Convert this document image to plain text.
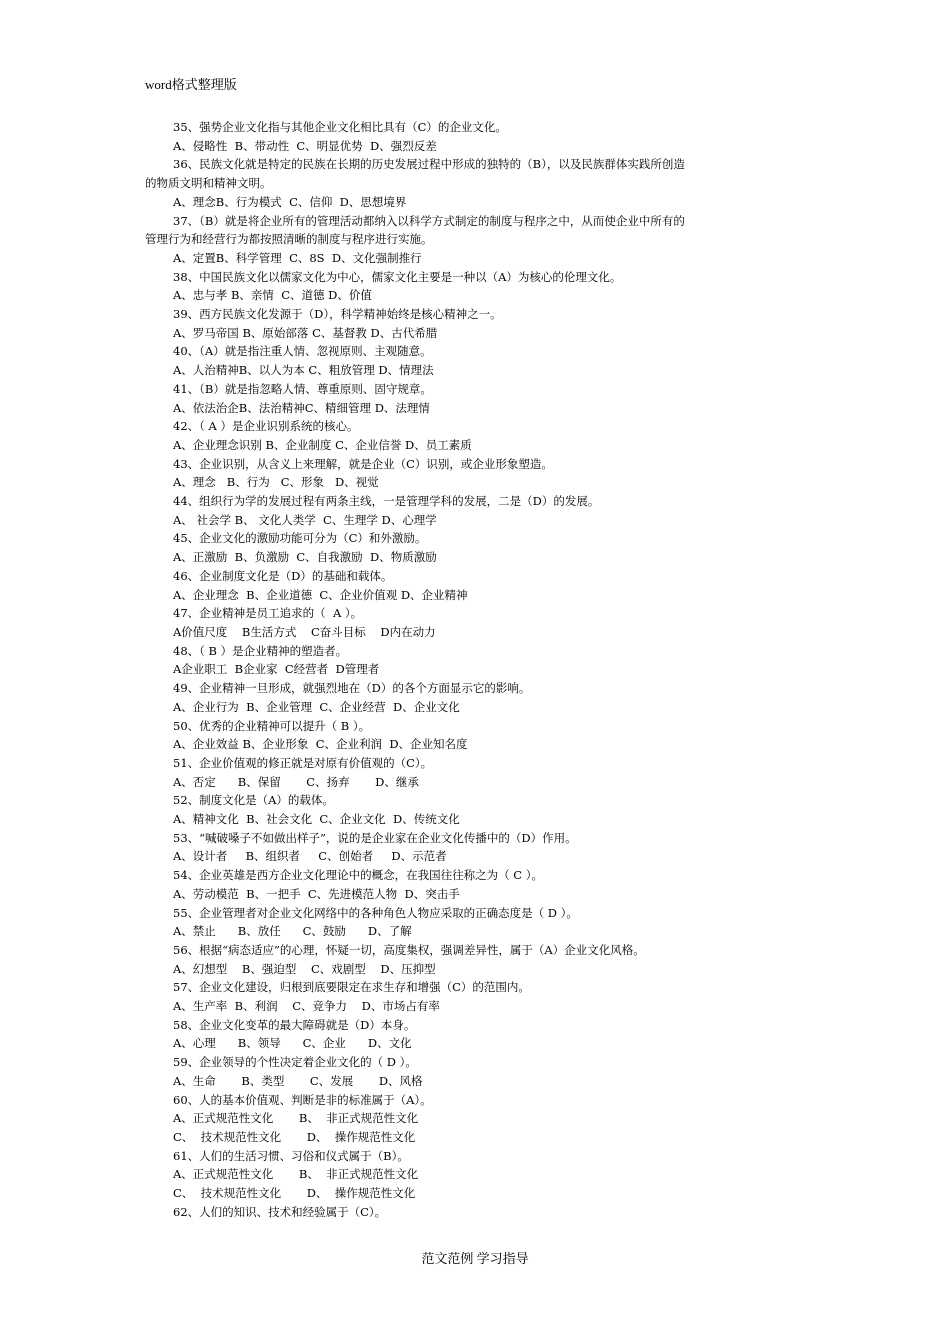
word格式整理版
35、强势企业文化指与其他企业文化相比具有（C）的企业文化。
A、侵略性  B、带动性  C、明显优势  D、强烈反差
36、民族文化就是特定的民族在长期的历史发展过程中形成的独特的（B），以及民族群体实践所创造
的物质文明和精神文明。
A、理念B、行为模式  C、信仰  D、思想境界
37、（B）就是将企业所有的管理活动都纳入以科学方式制定的制度与程序之中，从而使企业中所有的
管理行为和经营行为都按照清晰的制度与程序进行实施。
A、定置B、科学管理  C、8S  D、文化强制推行
38、中国民族文化以儒家文化为中心，儒家文化主要是一种以（A）为核心的伦理文化。
A、忠与孝 B、亲情  C、道德 D、价值
39、西方民族文化发源于（D），科学精神始终是核心精神之一。
A、罗马帝国 B、原始部落 C、基督教 D、古代希腊
40、（A）就是指注重人情、忽视原则、主观随意。
A、人治精神B、以人为本 C、粗放管理 D、情理法
41、（B）就是指忽略人情、尊重原则、固守规章。
A、依法治企B、法治精神C、精细管理 D、法理情
42、（ A ）是企业识别系统的核心。
A、企业理念识别 B、企业制度 C、企业信誉 D、员工素质
43、企业识别，从含义上来理解，就是企业（C）识别，或企业形象塑造。
A、理念   B、行为   C、形象   D、视觉
44、组织行为学的发展过程有两条主线，一是管理学科的发展，二是（D）的发展。
A、 社会学 B、 文化人类学  C、生理学 D、心理学
45、企业文化的激励功能可分为（C）和外激励。
A、正激励  B、负激励  C、自我激励  D、物质激励
46、企业制度文化是（D）的基础和载体。
A、企业理念  B、企业道德  C、企业价值观 D、企业精神
47、企业精神是员工追求的（  A ）。
A价值尺度    B生活方式    C奋斗目标    D内在动力
48、（ B ）是企业精神的塑造者。
A企业职工  B企业家  C经营者  D管理者
49、企业精神一旦形成，就强烈地在（D）的各个方面显示它的影响。
A、企业行为  B、企业管理  C、企业经营  D、企业文化
50、优秀的企业精神可以提升（ B ）。
A、企业效益 B、企业形象  C、企业利润  D、企业知名度
51、企业价值观的修正就是对原有价值观的（C）。
A、否定      B、保留       C、扬弃       D、继承
52、制度文化是（A）的载体。
A、精神文化  B、社会文化  C、企业文化  D、传统文化
53、“喊破嗓子不如做出样子”，说的是企业家在企业文化传播中的（D）作用。
A、设计者     B、组织者     C、创始者     D、示范者
54、企业英雄是西方企业文化理论中的概念，在我国往往称之为（ C ）。
A、劳动模范  B、一把手  C、先进模范人物  D、突击手
55、企业管理者对企业文化网络中的各种角色人物应采取的正确态度是（ D ）。
A、禁止      B、放任      C、鼓励      D、了解
56、根据“病态适应”的心理，怀疑一切，高度集权，强调差异性，属于（A）企业文化风格。
A、幻想型    B、强迫型    C、戏剧型    D、压抑型
57、企业文化建设，归根到底要限定在求生存和增强（C）的范围内。
A、生产率  B、利润    C、竞争力    D、市场占有率
58、企业文化变革的最大障碍就是（D）本身。
A、心理      B、领导      C、企业      D、文化
59、企业领导的个性决定着企业文化的（ D ）。
A、生命       B、类型       C、发展       D、风格
60、人的基本价值观、判断是非的标准属于（A）。
A、正式规范性文化       B、  非正式规范性文化
C、  技术规范性文化       D、  操作规范性文化
61、人们的生活习惯、习俗和仪式属于（B）。
A、正式规范性文化       B、  非正式规范性文化
C、  技术规范性文化       D、  操作规范性文化
62、人们的知识、技术和经验属于（C）。
范文范例 学习指导
